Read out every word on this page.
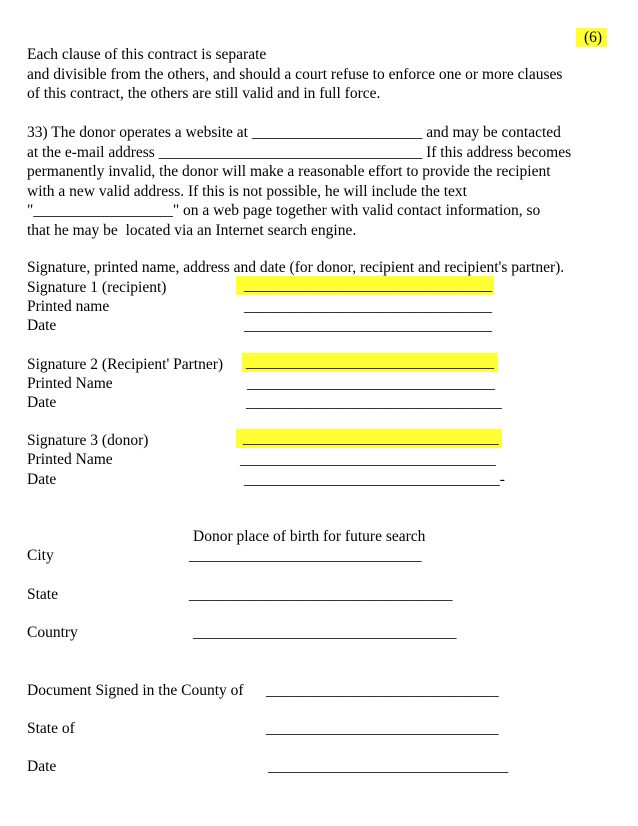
(6)
Each clause of this contract is separate
and divisible from the others, and should a court refuse to enforce one or more clauses
of this contract, the others are still valid and in full force.
33) The donor operates a website at ______________________ and may be contacted
at the e-mail address __________________________________ If this address becomes
permanently invalid, the donor will make a reasonable effort to provide the recipient
with a new valid address. If this is not possible, he will include the text
"__________________" on a web page together with valid contact information, so
that he may be  located via an Internet search engine.
Signature, printed name, address and date (for donor, recipient and recipient's partner).
Signature 1 (recipient)	________________________________
Printed name	________________________________
Date	________________________________
Signature 2 (Recipient' Partner) ________________________________
Printed Name	________________________________
Date	_________________________________
Signature 3 (donor)	_________________________________
Printed Name	_________________________________
Date	_________________________________-
Donor place of birth for future search
City	______________________________
State	__________________________________
Country	__________________________________
Document Signed in the County of ______________________________
State of	______________________________
Date	_______________________________
